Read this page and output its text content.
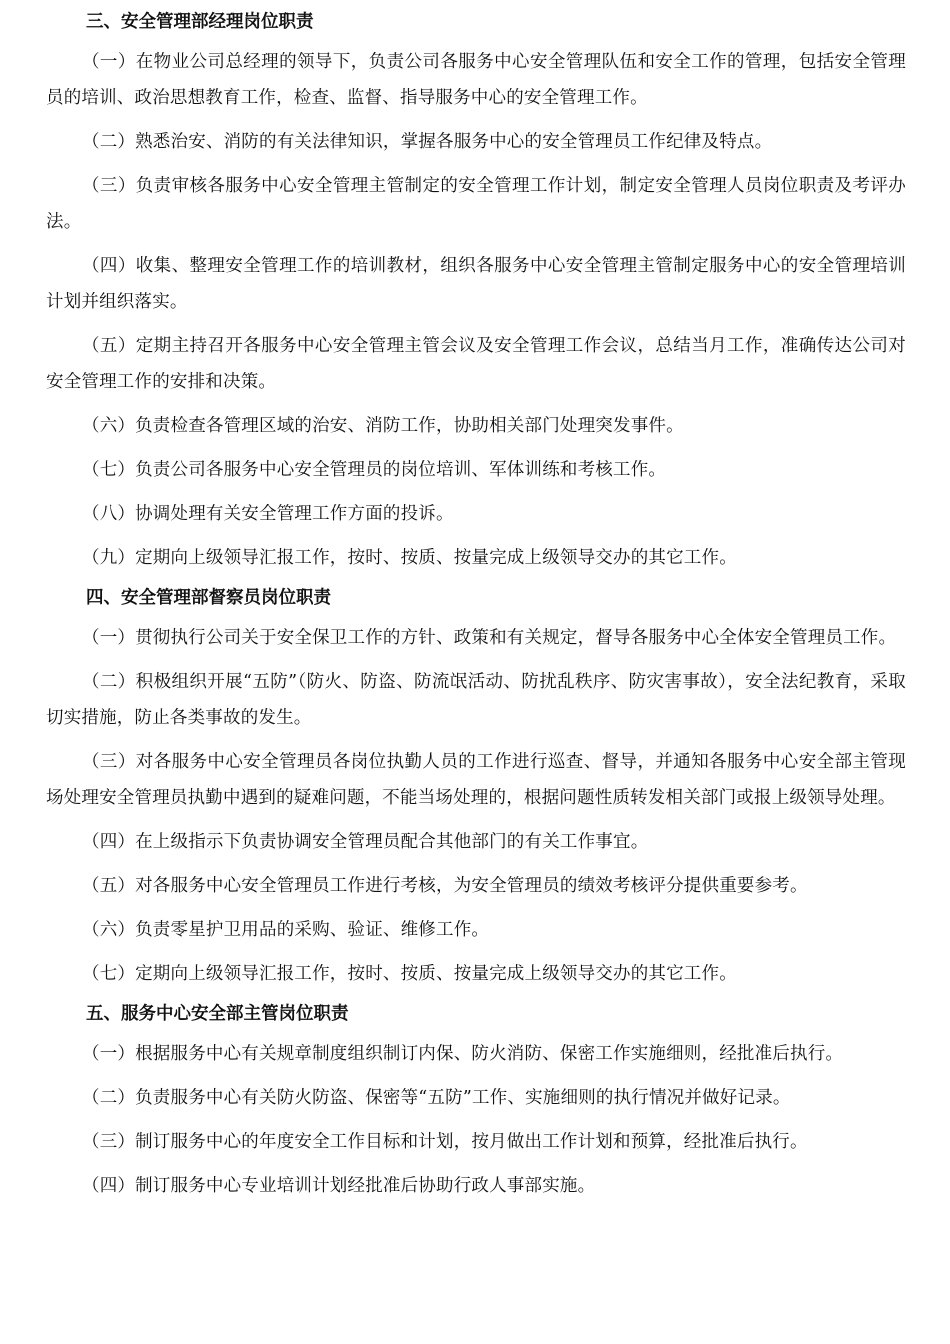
三、安全管理部经理岗位职责

（一）在物业公司总经理的领导下，负责公司各服务中心安全管理队伍和安全工作的管理，包括安全管理员的培训、政治思想教育工作，检查、监督、指导服务中心的安全管理工作。

（二）熟悉治安、消防的有关法律知识，掌握各服务中心的安全管理员工作纪律及特点。

（三）负责审核各服务中心安全管理主管制定的安全管理工作计划，制定安全管理人员岗位职责及考评办法。

（四）收集、整理安全管理工作的培训教材，组织各服务中心安全管理主管制定服务中心的安全管理培训计划并组织落实。

（五）定期主持召开各服务中心安全管理主管会议及安全管理工作会议，总结当月工作，准确传达公司对安全管理工作的安排和决策。

（六）负责检查各管理区域的治安、消防工作，协助相关部门处理突发事件。

（七）负责公司各服务中心安全管理员的岗位培训、军体训练和考核工作。

（八）协调处理有关安全管理工作方面的投诉。

（九）定期向上级领导汇报工作，按时、按质、按量完成上级领导交办的其它工作。

四、安全管理部督察员岗位职责

（一）贯彻执行公司关于安全保卫工作的方针、政策和有关规定，督导各服务中心全体安全管理员工作。

（二）积极组织开展“五防”（防火、防盗、防流氓活动、防扰乱秩序、防灾害事故），安全法纪教育，采取切实措施，防止各类事故的发生。

（三）对各服务中心安全管理员各岗位执勤人员的工作进行巡查、督导，并通知各服务中心安全部主管现场处理安全管理员执勤中遇到的疑难问题，不能当场处理的，根据问题性质转发相关部门或报上级领导处理。

（四）在上级指示下负责协调安全管理员配合其他部门的有关工作事宜。

（五）对各服务中心安全管理员工作进行考核，为安全管理员的绩效考核评分提供重要参考。

（六）负责零星护卫用品的采购、验证、维修工作。

（七）定期向上级领导汇报工作，按时、按质、按量完成上级领导交办的其它工作。

五、服务中心安全部主管岗位职责

（一）根据服务中心有关规章制度组织制订内保、防火消防、保密工作实施细则，经批准后执行。

（二）负责服务中心有关防火防盗、保密等“五防”工作、实施细则的执行情况并做好记录。

（三）制订服务中心的年度安全工作目标和计划，按月做出工作计划和预算，经批准后执行。

（四）制订服务中心专业培训计划经批准后协助行政人事部实施。
